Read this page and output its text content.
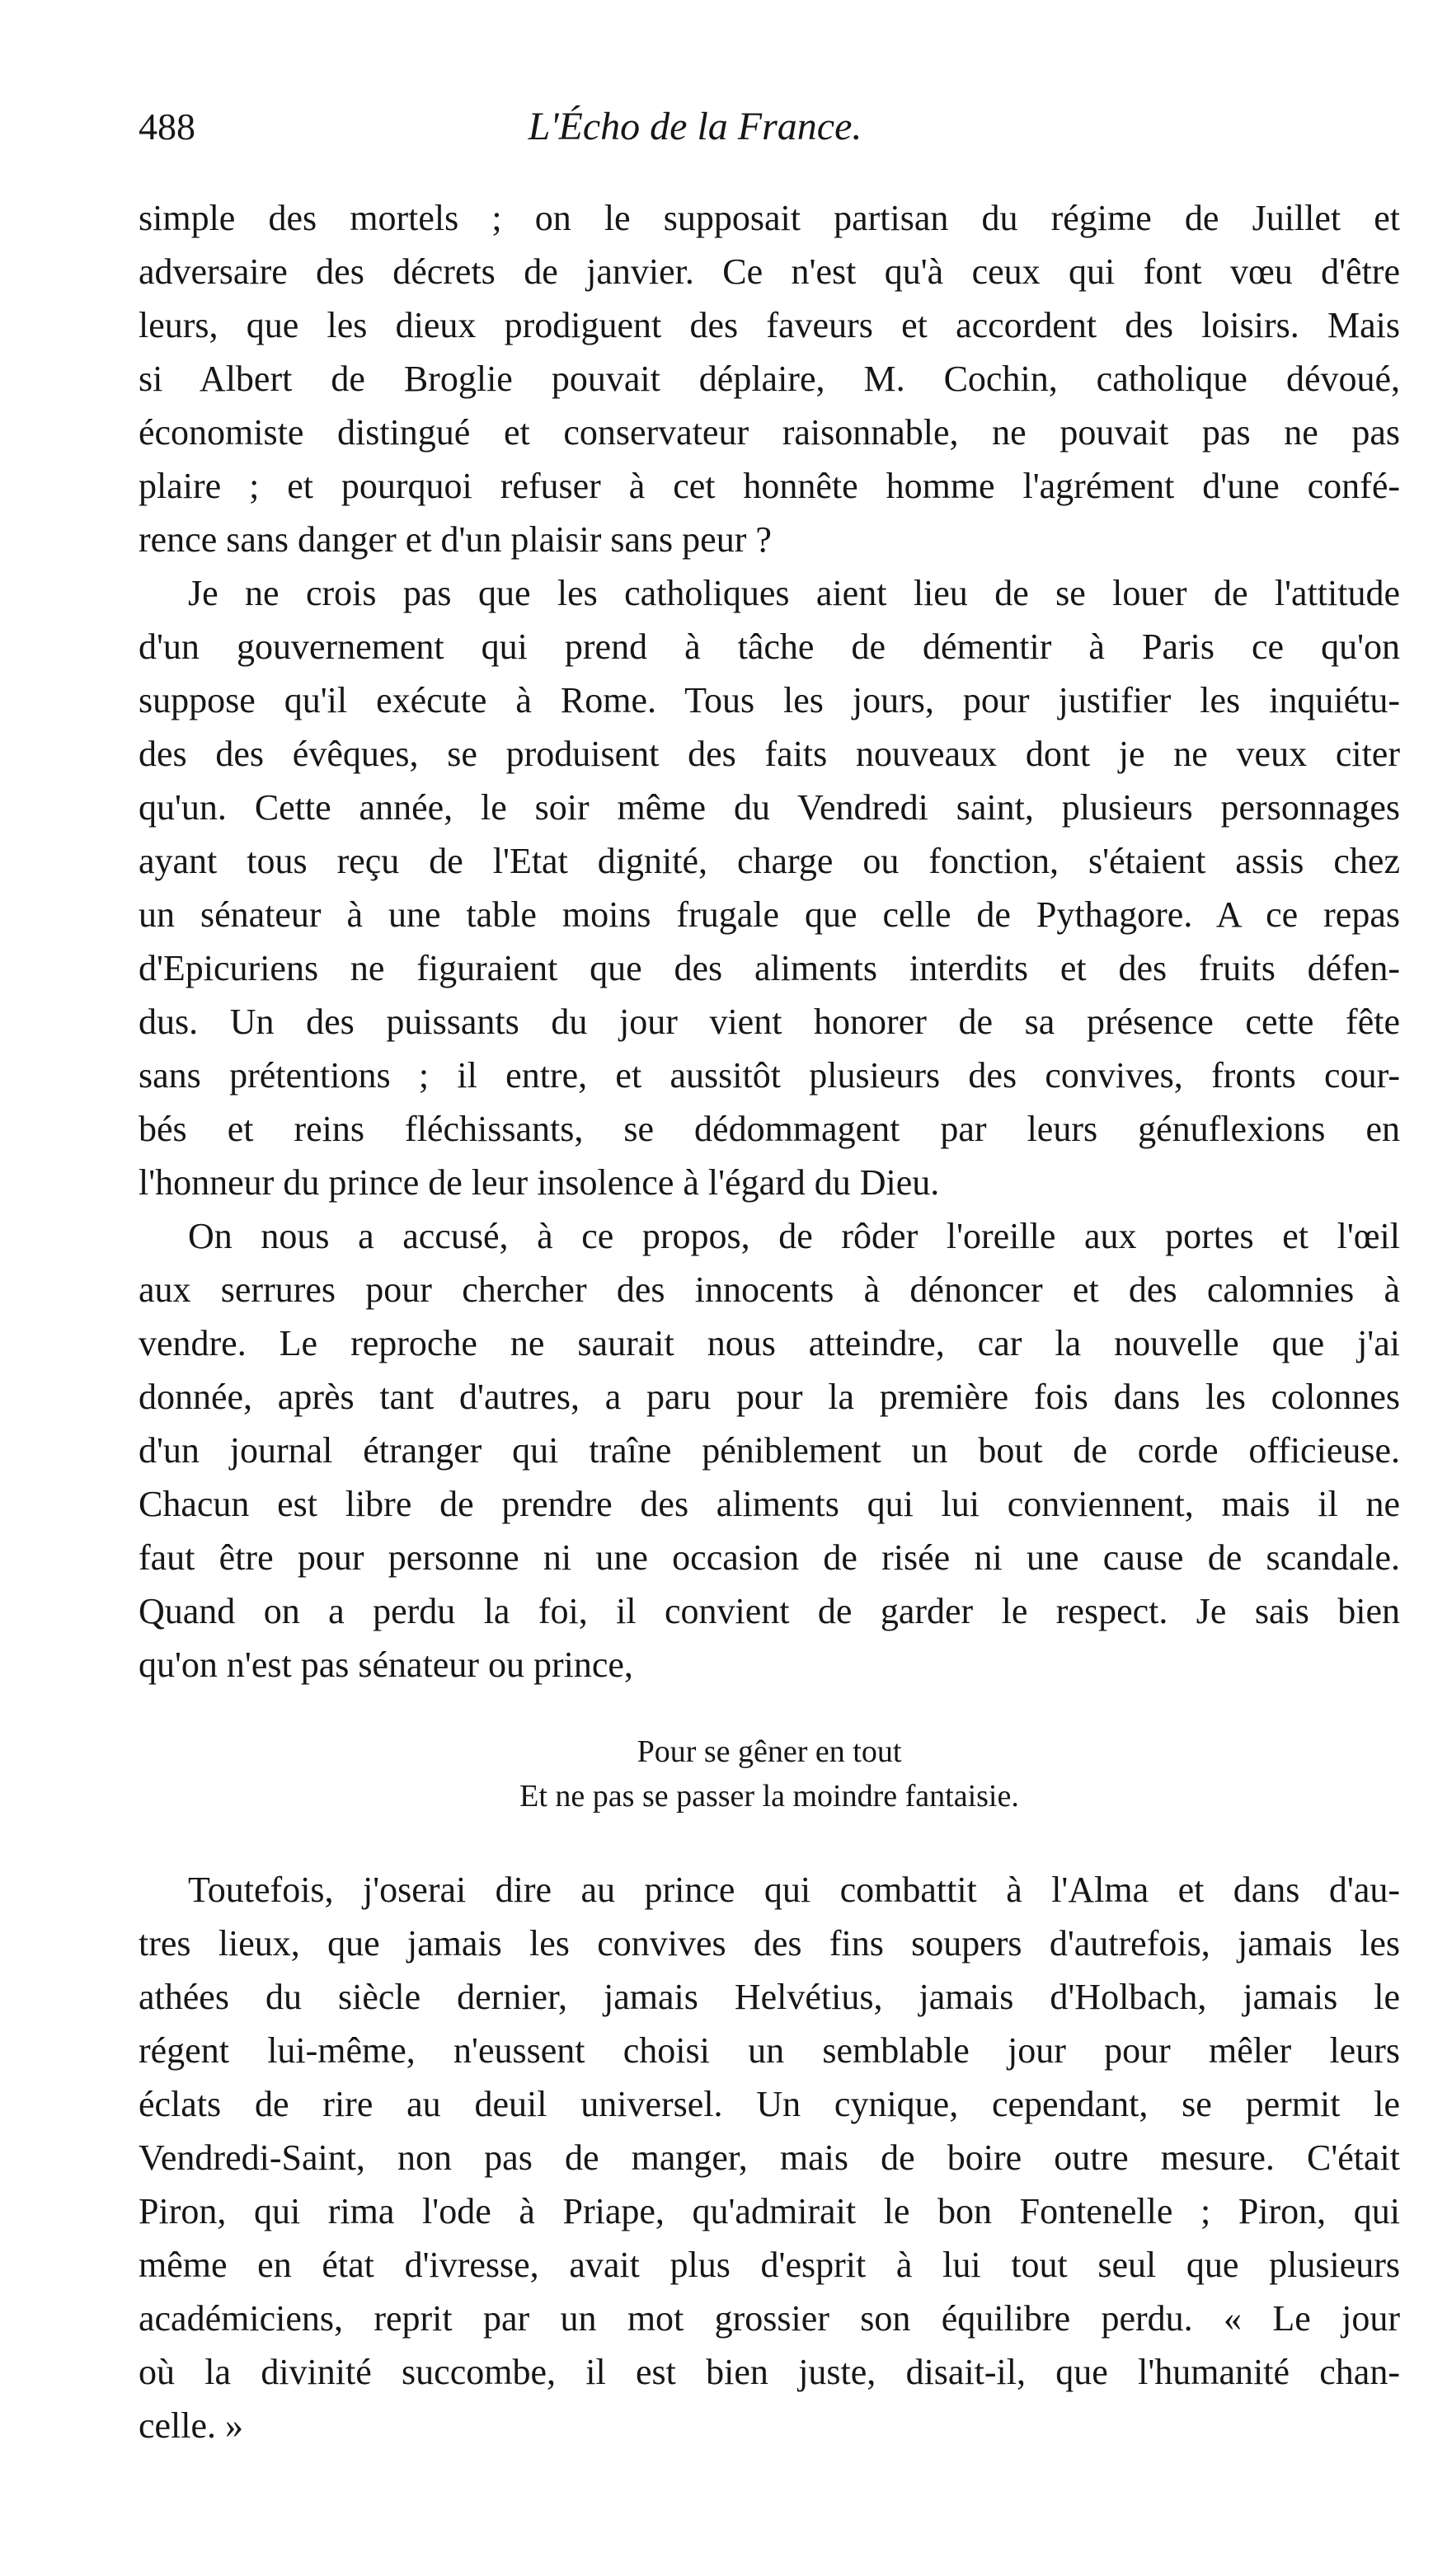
488	L'Écho de la France.
simple des mortels ; on le supposait partisan du régime de Juillet et
adversaire des décrets de janvier. Ce n'est qu'à ceux qui font vœu d'être
leurs, que les dieux prodiguent des faveurs et accordent des loisirs. Mais
si Albert de Broglie pouvait déplaire, M. Cochin, catholique dévoué,
économiste distingué et conservateur raisonnable, ne pouvait pas ne pas
plaire ; et pourquoi refuser à cet honnête homme l'agrément d'une confé-
rence sans danger et d'un plaisir sans peur ?
Je ne crois pas que les catholiques aient lieu de se louer de l'attitude
d'un gouvernement qui prend à tâche de démentir à Paris ce qu'on
suppose qu'il exécute à Rome. Tous les jours, pour justifier les inquiétu-
des des évêques, se produisent des faits nouveaux dont je ne veux citer
qu'un. Cette année, le soir même du Vendredi saint, plusieurs personnages
ayant tous reçu de l'Etat dignité, charge ou fonction, s'étaient assis chez
un sénateur à une table moins frugale que celle de Pythagore. A ce repas
d'Epicuriens ne figuraient que des aliments interdits et des fruits défen-
dus. Un des puissants du jour vient honorer de sa présence cette fête
sans prétentions ; il entre, et aussitôt plusieurs des convives, fronts cour-
bés et reins fléchissants, se dédommagent par leurs génuflexions en
l'honneur du prince de leur insolence à l'égard du Dieu.
On nous a accusé, à ce propos, de rôder l'oreille aux portes et l'œil
aux serrures pour chercher des innocents à dénoncer et des calomnies à
vendre. Le reproche ne saurait nous atteindre, car la nouvelle que j'ai
donnée, après tant d'autres, a paru pour la première fois dans les colonnes
d'un journal étranger qui traîne péniblement un bout de corde officieuse.
Chacun est libre de prendre des aliments qui lui conviennent, mais il ne
faut être pour personne ni une occasion de risée ni une cause de scandale.
Quand on a perdu la foi, il convient de garder le respect. Je sais bien
qu'on n'est pas sénateur ou prince,
Pour se gêner en tout
Et ne pas se passer la moindre fantaisie.
Toutefois, j'oserai dire au prince qui combattit à l'Alma et dans d'au-
tres lieux, que jamais les convives des fins soupers d'autrefois, jamais les
athées du siècle dernier, jamais Helvétius, jamais d'Holbach, jamais le
régent lui-même, n'eussent choisi un semblable jour pour mêler leurs
éclats de rire au deuil universel. Un cynique, cependant, se permit le
Vendredi-Saint, non pas de manger, mais de boire outre mesure. C'était
Piron, qui rima l'ode à Priape, qu'admirait le bon Fontenelle ; Piron, qui
même en état d'ivresse, avait plus d'esprit à lui tout seul que plusieurs
académiciens, reprit par un mot grossier son équilibre perdu. « Le jour
où la divinité succombe, il est bien juste, disait-il, que l'humanité chan-
celle. »
